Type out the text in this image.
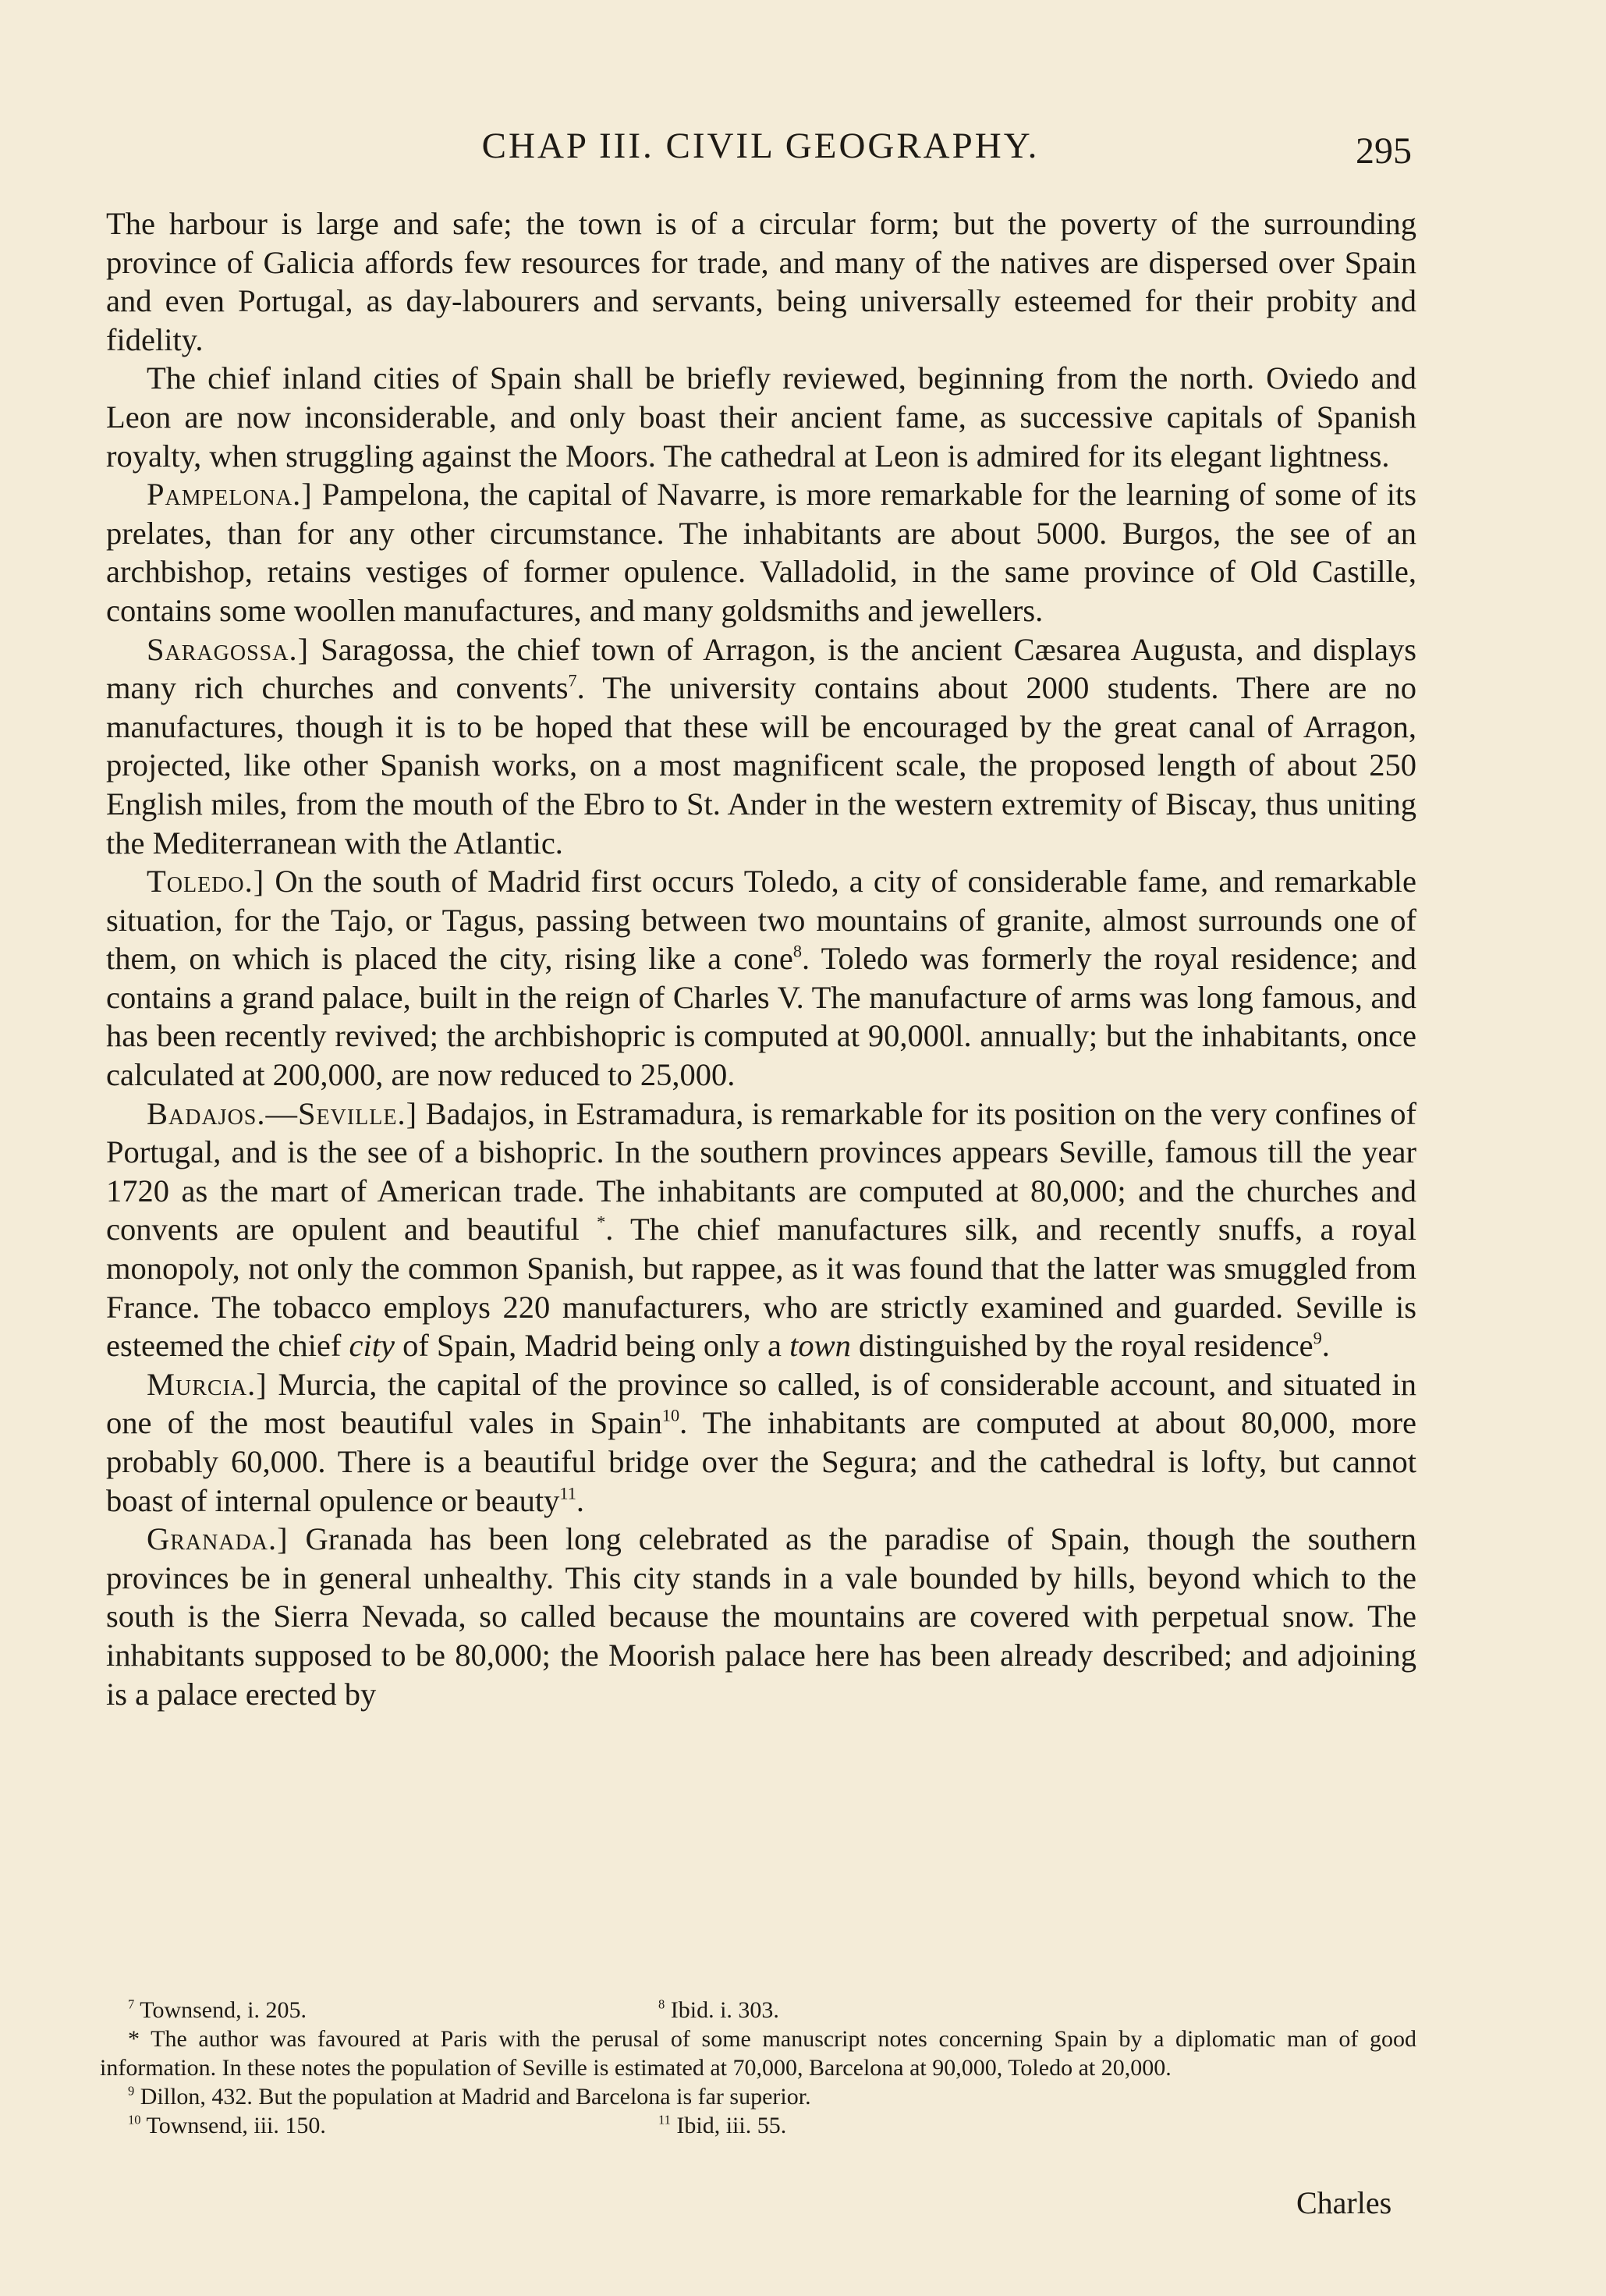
CHAP III. CIVIL GEOGRAPHY.	295

The harbour is large and safe; the town is of a circular form; but the poverty of the surrounding province of Galicia affords few resources for trade, and many of the natives are dispersed over Spain and even Portugal, as day-labourers and servants, being universally esteemed for their probity and fidelity.

The chief inland cities of Spain shall be briefly reviewed, beginning from the north. Oviedo and Leon are now inconsiderable, and only boast their ancient fame, as successive capitals of Spanish royalty, when struggling against the Moors. The cathedral at Leon is admired for its elegant lightness.

Pampelona.] Pampelona, the capital of Navarre, is more remarkable for the learning of some of its prelates, than for any other circumstance. The inhabitants are about 5000. Burgos, the see of an archbishop, retains vestiges of former opulence. Valladolid, in the same province of Old Castille, contains some woollen manufactures, and many goldsmiths and jewellers.

Saragossa.] Saragossa, the chief town of Arragon, is the ancient Cæsarea Augusta, and displays many rich churches and convents$^7$. The university contains about 2000 students. There are no manufactures, though it is to be hoped that these will be encouraged by the great canal of Arragon, projected, like other Spanish works, on a most magnificent scale, the proposed length of about 250 English miles, from the mouth of the Ebro to St. Ander in the western extremity of Biscay, thus uniting the Mediterranean with the Atlantic.

Toledo.] On the south of Madrid first occurs Toledo, a city of considerable fame, and remarkable situation, for the Tajo, or Tagus, passing between two mountains of granite, almost surrounds one of them, on which is placed the city, rising like a cone$^8$. Toledo was formerly the royal residence; and contains a grand palace, built in the reign of Charles V. The manufacture of arms was long famous, and has been recently revived; the archbishopric is computed at 90,000l. annually; but the inhabitants, once calculated at 200,000, are now reduced to 25,000.

Badajos.—Seville.] Badajos, in Estramadura, is remarkable for its position on the very confines of Portugal, and is the see of a bishopric. In the southern provinces appears Seville, famous till the year 1720 as the mart of American trade. The inhabitants are computed at 80,000; and the churches and convents are opulent and beautiful *. The chief manufactures silk, and recently snuffs, a royal monopoly, not only the common Spanish, but rappee, as it was found that the latter was smuggled from France. The tobacco employs 220 manufacturers, who are strictly examined and guarded. Seville is esteemed the chief city of Spain, Madrid being only a town distinguished by the royal residence$^9$.

Murcia.] Murcia, the capital of the province so called, is of considerable account, and situated in one of the most beautiful vales in Spain$^{10}$. The inhabitants are computed at about 80,000, more probably 60,000. There is a beautiful bridge over the Segura; and the cathedral is lofty, but cannot boast of internal opulence or beauty$^{11}$.

Granada.] Granada has been long celebrated as the paradise of Spain, though the southern provinces be in general unhealthy. This city stands in a vale bounded by hills, beyond which to the south is the Sierra Nevada, so called because the mountains are covered with perpetual snow. The inhabitants supposed to be 80,000; the Moorish palace here has been already described; and adjoining is a palace erected by

$^7$ Townsend, i. 205.	$^8$ Ibid. i. 303.
* The author was favoured at Paris with the perusal of some manuscript notes concerning Spain by a diplomatic man of good information. In these notes the population of Seville is estimated at 70,000, Barcelona at 90,000, Toledo at 20,000.
$^9$ Dillon, 432. But the population at Madrid and Barcelona is far superior.
$^{10}$ Townsend, iii. 150.	$^{11}$ Ibid, iii. 55.
Charles
